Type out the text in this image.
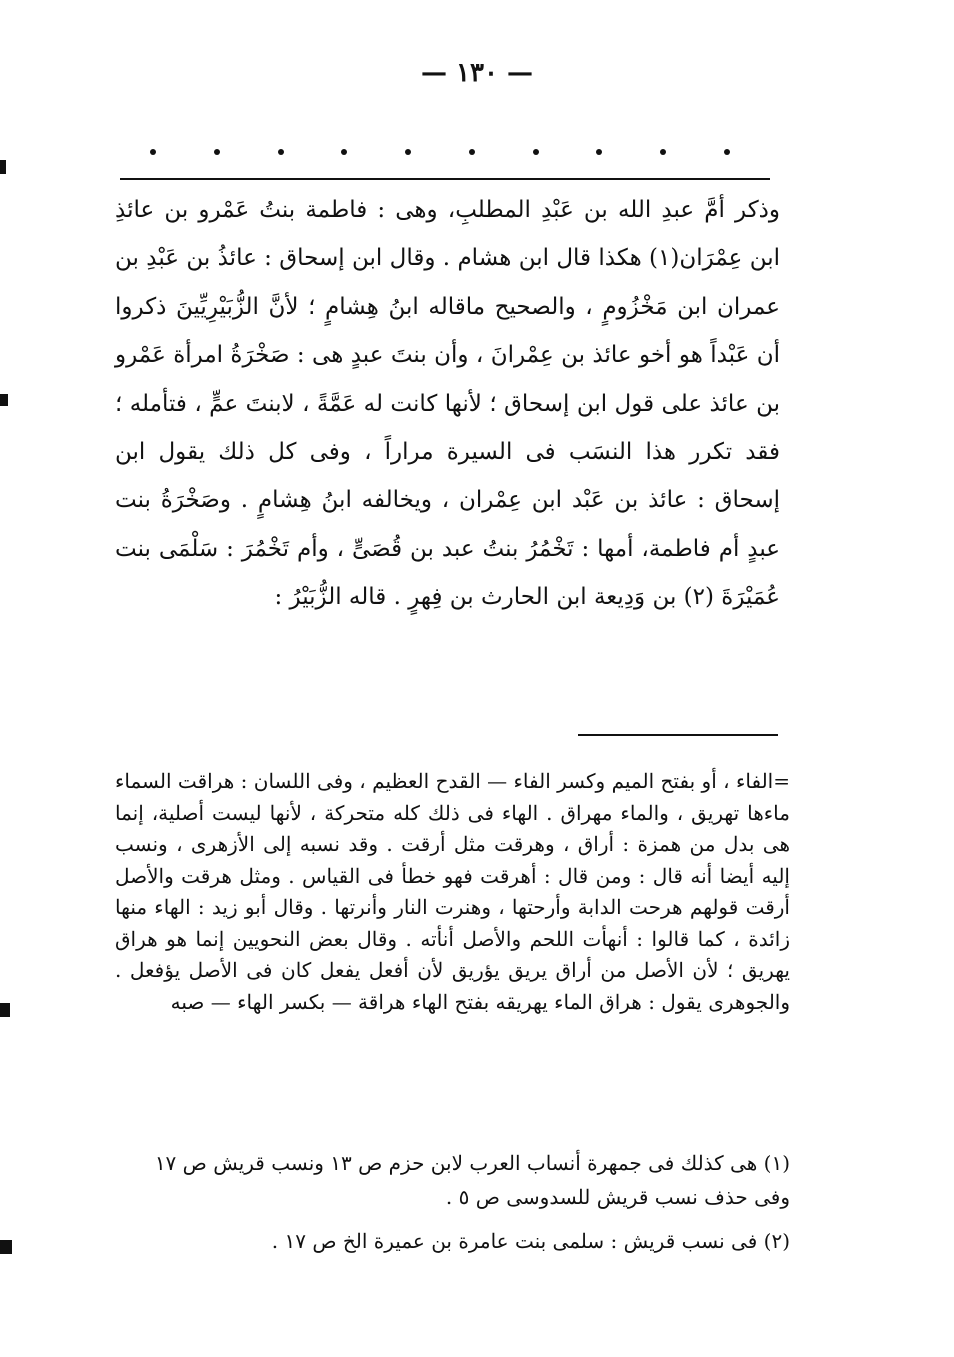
— ١٣٠ —

وذكر أمَّ عبدِ الله بن عَبْدِ المطلبِ، وهى : فاطمة بنتُ عَمْرو بن عائذِ ابن عِمْرَان(١) هكذا قال ابن هشام . وقال ابن إسحاق : عائذُ بن عَبْدِ بن عمران ابن مَخْزُومٍ ، والصحيح ماقاله ابنُ هِشامٍ ؛ لأنَّ الزُّبَيْرِيِّينَ ذكروا أن عَبْداً هو أخو عائذ بن عِمْرانَ ، وأن بنتَ عبدٍ هى : صَخْرَةُ امرأة عَمْرو بن عائذ على قول ابن إسحاق ؛ لأنها كانت له عَمَّةً ، لابنتَ عمٍّ ، فتأمله ؛ فقد تكرر هذا النسَب فى السيرة مراراً ، وفى كل ذلك يقول ابن إسحاق : عائذ بن عَبْد ابن عِمْران ، ويخالفه ابنُ هِشامٍ . وصَخْرَةُ بنت عبدٍ أم فاطمة، أمها : تَخْمُرُ بنتُ عبد بن قُصَىٍّ ، وأم تَخْمُرَ : سَلْمَى بنت عُمَيْرَةَ (٢) بن وَدِيعة ابن الحارث بن فِهرٍ . قاله الزُّبَيْرُ :

=الفاء ، أو بفتح الميم وكسر الفاء — القدح العظيم ، وفى اللسان : هراقت السماء ماءها تهريق ، والماء مهراق . الهاء فى ذلك كله متحركة ، لأنها ليست أصلية، إنما هى بدل من همزة : أراق ، وهرقت مثل أرقت . وقد نسبه إلى الأزهرى ، ونسب إليه أيضا أنه قال : ومن قال : أهرقت فهو خطأ فى القياس . ومثل هرقت والأصل أرقت قولهم هرحت الدابة وأرحتها ، وهنرت النار وأنرتها . وقال أبو زيد : الهاء منها زائدة ، كما قالوا : أنهأت اللحم والأصل أنأته . وقال بعض النحويين إنما هو هراق يهريق ؛ لأن الأصل من أراق يريق يؤريق لأن أفعل يفعل كان فى الأصل يؤفعل . والجوهرى يقول : هراق الماء يهريقه بفتح الهاء هراقة — بكسر الهاء — صبه

(١) هى كذلك فى جمهرة أنساب العرب لابن حزم ص ١٣ ونسب قريش ص ١٧ وفى حذف نسب قريش للسدوسى ص ٥ .

(٢) فى نسب قريش : سلمى بنت عامرة بن عميرة الخ ص ١٧ .
